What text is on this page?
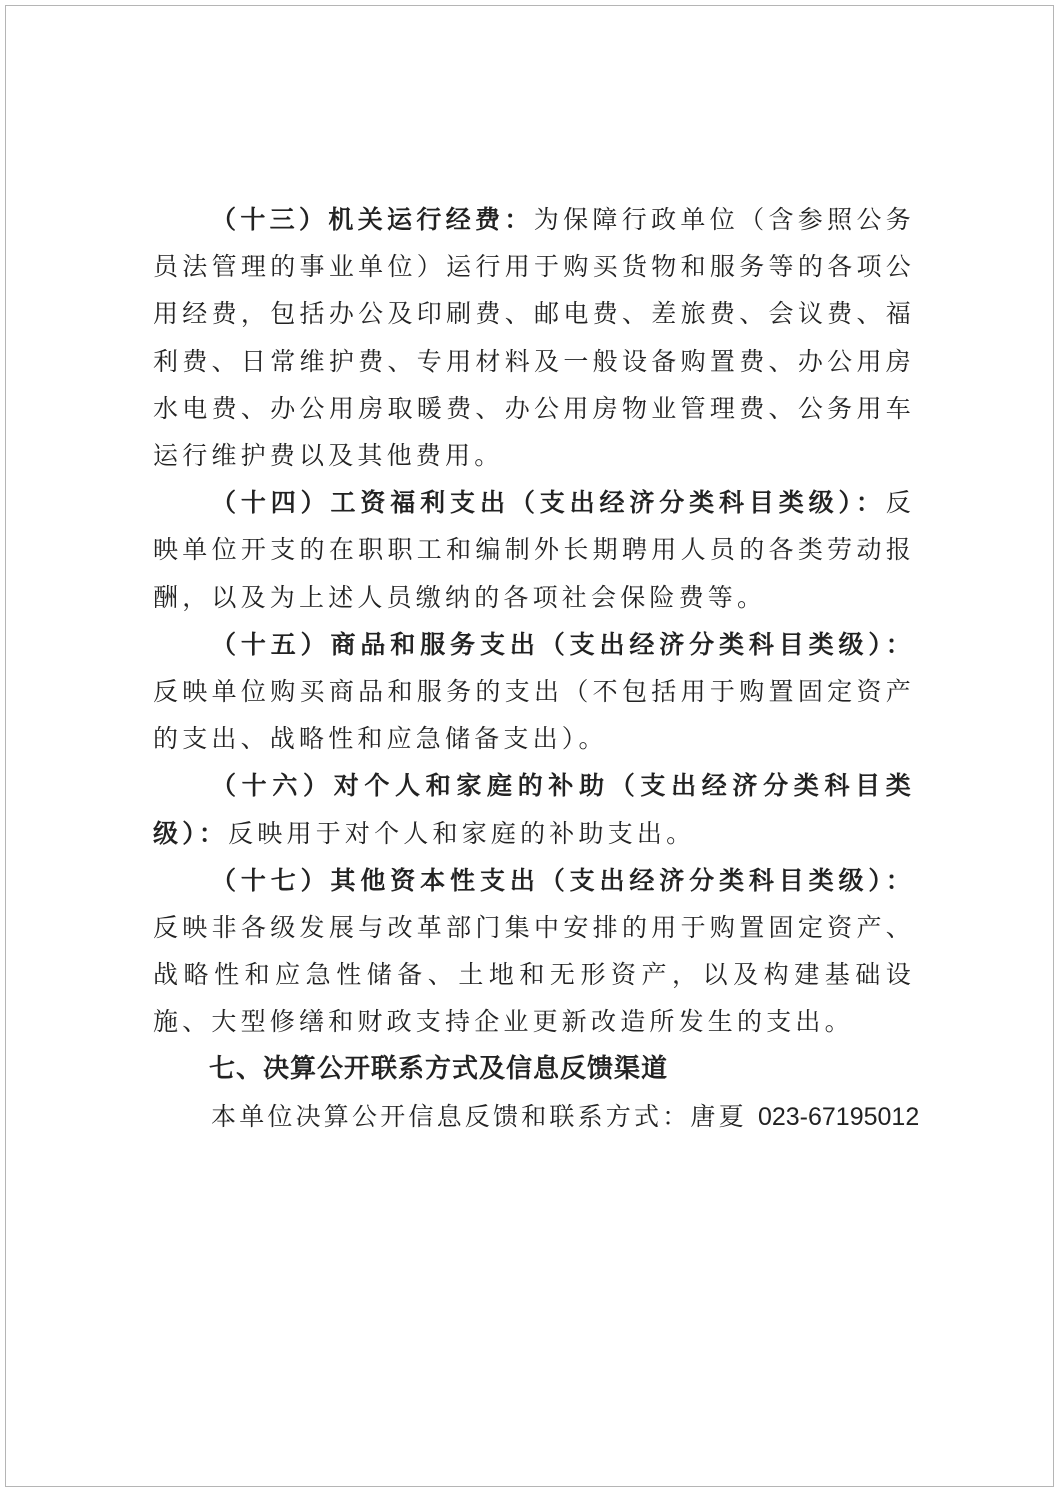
（十三）机关运行经费：为保障行政单位（含参照公务员法管理的事业单位）运行用于购买货物和服务等的各项公用经费，包括办公及印刷费、邮电费、差旅费、会议费、福利费、日常维护费、专用材料及一般设备购置费、办公用房水电费、办公用房取暖费、办公用房物业管理费、公务用车运行维护费以及其他费用。

（十四）工资福利支出（支出经济分类科目类级）：反映单位开支的在职职工和编制外长期聘用人员的各类劳动报酬，以及为上述人员缴纳的各项社会保险费等。

（十五）商品和服务支出（支出经济分类科目类级）：反映单位购买商品和服务的支出（不包括用于购置固定资产的支出、战略性和应急储备支出）。

（十六）对个人和家庭的补助（支出经济分类科目类级）：反映用于对个人和家庭的补助支出。

（十七）其他资本性支出（支出经济分类科目类级）：反映非各级发展与改革部门集中安排的用于购置固定资产、战略性和应急性储备、土地和无形资产，以及构建基础设施、大型修缮和财政支持企业更新改造所发生的支出。

七、决算公开联系方式及信息反馈渠道

本单位决算公开信息反馈和联系方式：唐夏 023-67195012
